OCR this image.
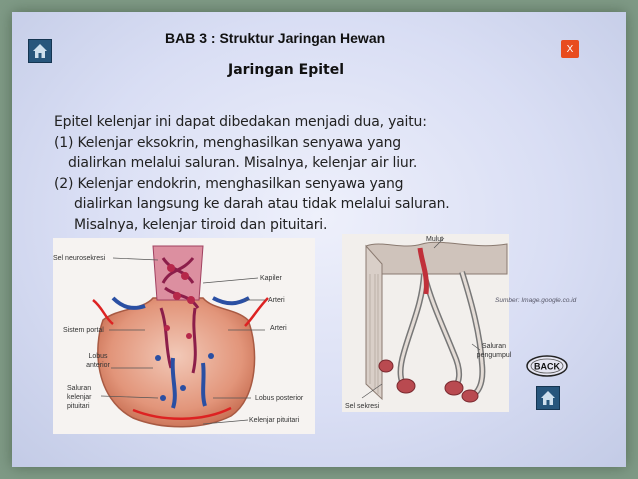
X
BAB 3 : Struktur Jaringan Hewan
Jaringan Epitel
Epitel kelenjar ini dapat dibedakan menjadi dua, yaitu:
(1) Kelenjar eksokrin, menghasilkan senyawa yang
dialirkan melalui saluran. Misalnya, kelenjar air liur.
(2) Kelenjar endokrin, menghasilkan senyawa yang
dialirkan langsung ke darah atau tidak melalui saluran.
Misalnya, kelenjar tiroid dan pituitari.
Sel neurosekresi
Kapiler
Arteri
Arteri
Sistem portal
Lobus anterior
Saluran kelenjar pituitari
Lobus posterior
Kelenjar pituitari
Mulut
Saluran pengumpul
Sel sekresi
Sumber: Image.google.co.id
BACK
